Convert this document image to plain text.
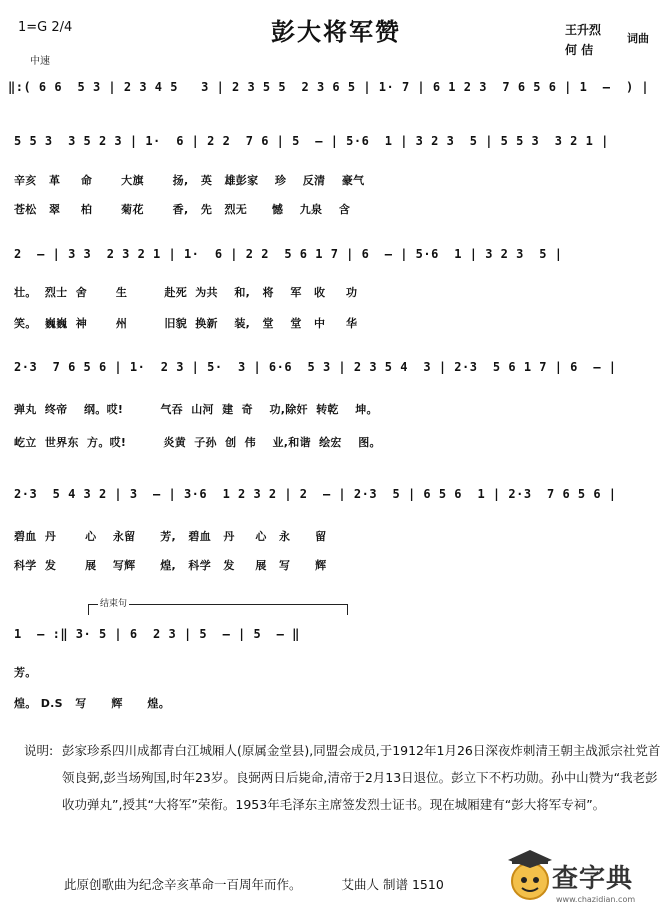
1=G 2/4
中速
彭大将军赞	王升烈
何 佶
词曲
‖:( 6 6  5 3 | 2 3 4 5   3 | 2 3 5 5  2 3 6 5 | 1· 7 | 6 1 2 3  7 6 5 6 | 1  —  ) |
5 5 3  3 5 2 3 | 1·  6 | 2 2  7 6 | 5  — | 5·6  1 | 3 2 3  5 | 5 5 3  3 2 1 |
辛亥   革     命       大旗       扬,   英   雄彭家    珍    反清    豪气
苍松   翠     柏       菊花       香,   先   烈无      憾    九泉    含
2  — | 3 3  2 3 2 1 | 1·  6 | 2 2  5 6 1 7 | 6  — | 5·6  1 | 3 2 3  5 |
壮。  烈士  舍       生         赴死  为共    和,   将    军   收     功
笑。  巍巍  神       州         旧貌  换新    装,   堂    堂   中     华
2·3  7 6 5 6 | 1·  2 3 | 5·  3 | 6·6  5 3 | 2 3 5 4  3 | 2·3  5 6 1 7 | 6  — |
弹丸  终帝    纲。哎!         气吞  山河  建  奇    功,除奸  转乾    坤。
屹立  世界东  方。哎!         炎黄  子孙  创  伟    业,和谐  绘宏    图。
2·3  5 4 3 2 | 3  — | 3·6  1 2 3 2 | 2  — | 2·3  5 | 6 5 6  1 | 2·3  7 6 5 6 |
碧血  丹       心    永留      芳,   碧血   丹     心   永      留
科学  发       展    写辉      煌,   科学   发     展   写      辉
结束句
1  — :‖ 3· 5 | 6  2 3 | 5  — | 5  — ‖
芳。
煌。 D.S   写      辉      煌。
说明: 彭家珍系四川成都青白江城厢人(原属金堂县),同盟会成员,于1912年1月26日深夜炸刺清王朝主战派宗社党首领良弼,彭当场殉国,时年23岁。良弼两日后毙命,清帝于2月13日退位。彭立下不朽功勋。孙中山赞为“我老彭收功弹丸”,授其“大将军”荣衔。1953年毛泽东主席签发烈士证书。现在城厢建有“彭大将军专祠”。
此原创歌曲为纪念辛亥革命一百周年而作。	艾曲人 制谱 1510	查字典
www.chazidian.com
